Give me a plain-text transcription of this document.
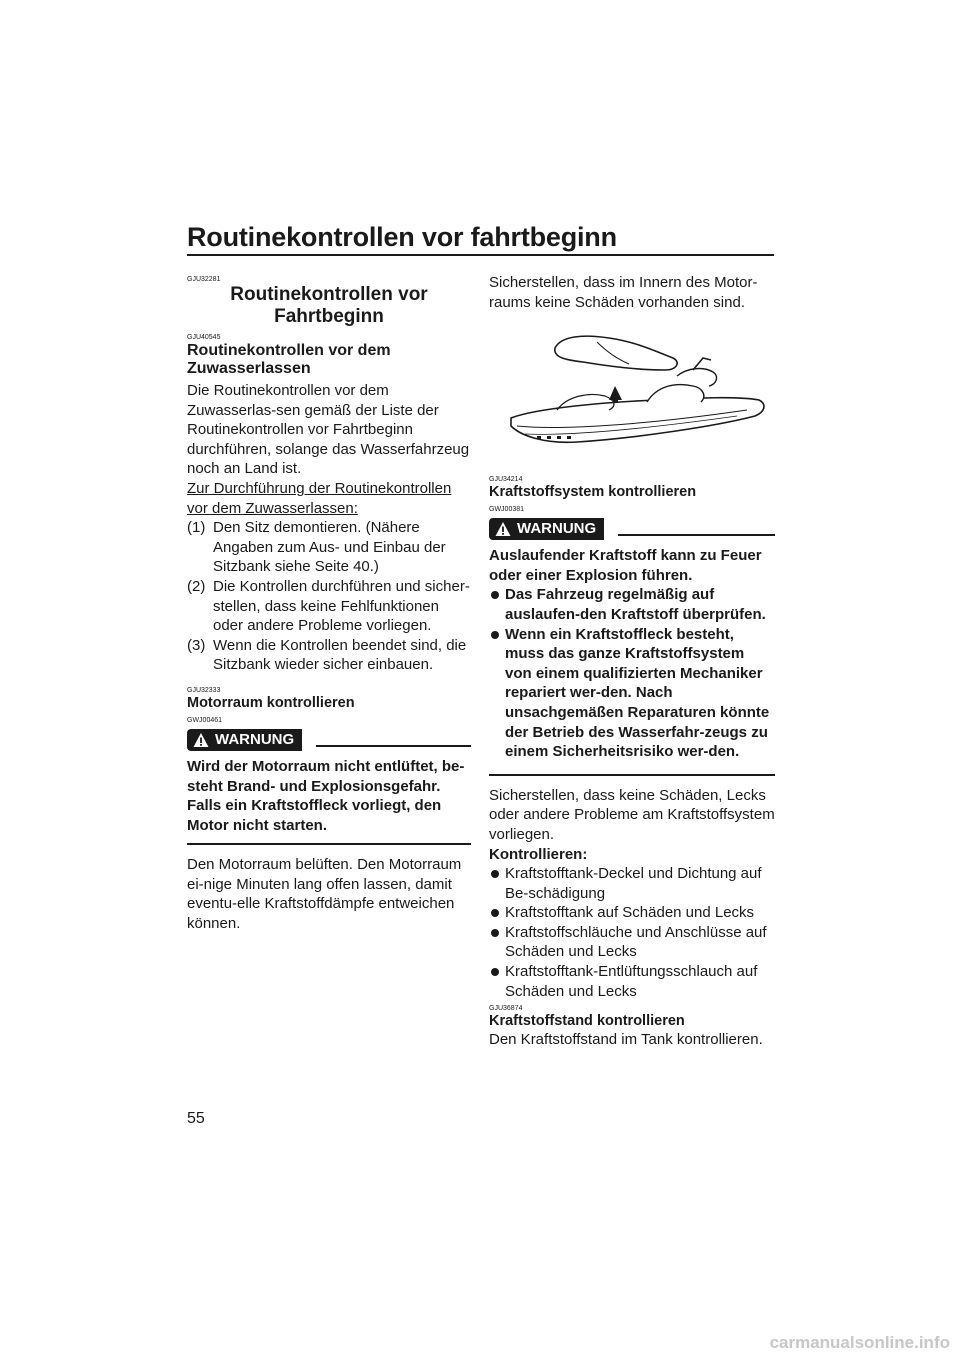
Routinekontrollen vor fahrtbeginn
GJU32281
Routinekontrollen vor
Fahrtbeginn
GJU40545
Routinekontrollen vor dem
Zuwasserlassen

Die Routinekontrollen vor dem Zuwasserlas-sen gemäß der Liste der Routinekontrollen vor Fahrtbeginn durchführen, solange das Wasserfahrzeug noch an Land ist.

Zur Durchführung der Routinekontrollen vor dem Zuwasserlassen:

(1) Den Sitz demontieren. (Nähere Angaben zum Aus- und Einbau der Sitzbank siehe Seite 40.)
(2) Die Kontrollen durchführen und sicher-stellen, dass keine Fehlfunktionen oder andere Probleme vorliegen.
(3) Wenn die Kontrollen beendet sind, die Sitzbank wieder sicher einbauen.
GJU32333
Motorraum kontrollieren
GWJ00461
WARNUNG

Wird der Motorraum nicht entlüftet, be-steht Brand- und Explosionsgefahr. Falls ein Kraftstoffleck vorliegt, den Motor nicht starten.

Den Motorraum belüften. Den Motorraum ei-nige Minuten lang offen lassen, damit eventu-elle Kraftstoffdämpfe entweichen können.

Sicherstellen, dass im Innern des Motor-raums keine Schäden vorhanden sind.

GJU34214
Kraftstoffsystem kontrollieren
GWJ00381
WARNUNG

Auslaufender Kraftstoff kann zu Feuer oder einer Explosion führen.

Das Fahrzeug regelmäßig auf auslaufen-den Kraftstoff überprüfen.
Wenn ein Kraftstoffleck besteht, muss das ganze Kraftstoffsystem von einem qualifizierten Mechaniker repariert wer-den. Nach unsachgemäßen Reparaturen könnte der Betrieb des Wasserfahr-zeugs zu einem Sicherheitsrisiko wer-den.

Sicherstellen, dass keine Schäden, Lecks oder andere Probleme am Kraftstoffsystem vorliegen.

Kontrollieren:

Kraftstofftank-Deckel und Dichtung auf Be-schädigung
Kraftstofftank auf Schäden und Lecks
Kraftstoffschläuche und Anschlüsse auf Schäden und Lecks
Kraftstofftank-Entlüftungsschlauch auf Schäden und Lecks
GJU36874
Kraftstoffstand kontrollieren

Den Kraftstoffstand im Tank kontrollieren.

55
carmanualsonline.info
